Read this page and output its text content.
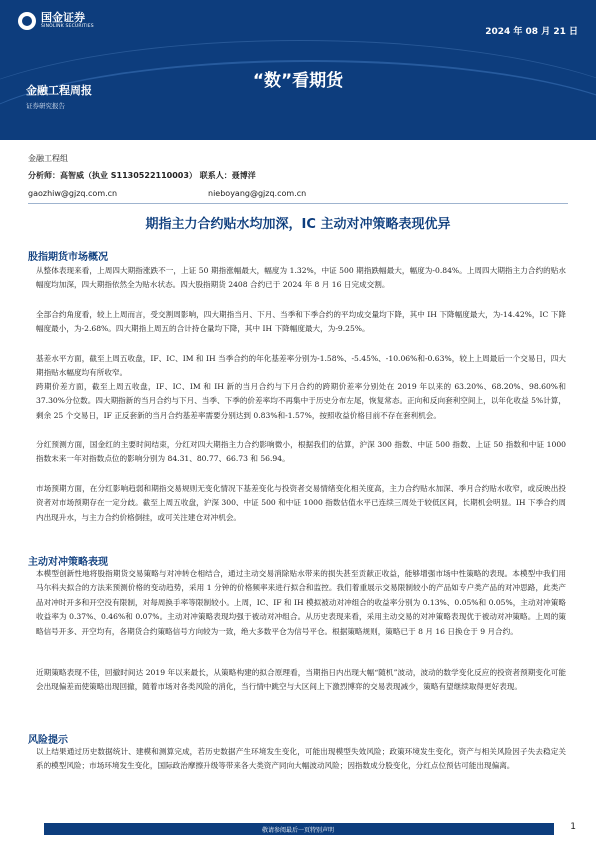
国金证券
SINOLINK SECURITIES
2024 年 08 月 21 日
“数”看期货
金融工程周报
证券研究报告
金融工程组
分析师：高智威（执业 S1130522110003） 联系人：聂博洋
gaozhiw@gjzq.com.cn	nieboyang@gjzq.com.cn
期指主力合约贴水均加深，IC 主动对冲策略表现优异
股指期货市场概况
从整体表现来看，上周四大期指涨跌不一，上证 50 期指涨幅最大，幅度为 1.32%，中证 500 期指跌幅最大，幅度为-0.84%。上周四大期指主力合约的贴水幅度均加深，四大期指依然全为贴水状态。四大股指期货 2408 合约已于 2024 年 8 月 16 日完成交割。
全部合约角度看，较上上周而言，受交割周影响，四大期指当月、下月、当季和下季合约的平均成交量均下降，其中 IH 下降幅度最大，为-14.42%，IC 下降幅度最小，为-2.68%。四大期指上周五的合计持仓量均下降，其中 IH 下降幅度最大，为-9.25%。
基差水平方面，截至上周五收盘，IF、IC、IM 和 IH 当季合约的年化基差率分别为-1.58%、-5.45%、-10.06%和-0.63%，较上上周最后一个交易日，四大期指贴水幅度均有所收窄。
跨期价差方面，截至上周五收盘，IF、IC、IM 和 IH 新的当月合约与下月合约的跨期价差率分别处在 2019 年以来的 63.20%、68.20%、98.60%和 37.30%分位数。四大期指新的当月合约与下月、当季、下季的价差率均不再集中于历史分布左尾，恢复常态。正向和反向套利空间上，以年化收益 5%计算，剩余 25 个交易日，IF 正反套新的当月合约基差率需要分别达到 0.83%和-1.57%，按照收益价格目前不存在套利机会。
分红预测方面，国金红的主要时间结束，分红对四大期指主力合约影响微小，根据我们的估算，沪深 300 指数、中证 500 指数、上证 50 指数和中证 1000 指数未来一年对指数点位的影响分别为 84.31、80.77、66.73 和 56.94。
市场预期方面，在分红影响趋弱和期指交易规则无变化情况下基差变化与投资者交易情绪变化相关度高，主力合约贴水加深、季月合约贴水收窄，或反映出投资者对市场预期存在一定分歧。截至上周五收盘，沪深 300、中证 500 和中证 1000 指数估值水平已连续三周处于较低区间，长期机会明显。IH 下季合约周内出现升水，与主力合约价格倒挂，或可关注建仓对冲机会。
主动对冲策略表现
本模型创新性地将股指期货交易策略与对冲转仓相结合，通过主动交易消除贴水带来的损失甚至贡献正收益，能够增强市场中性策略的表现。本模型中我们用马尔科夫拟合的方法来预测价格的变动趋势，采用 1 分钟的价格频率来进行拟合和监控。我们着重展示交易限制较小的产品如专户类产品的对冲思路，此类产品对冲时开多和开空没有限制，对每周换手率等限制较小。上周，IC、IF 和 IH 模拟被动对冲组合的收益率分别为 0.13%、0.05%和 0.05%，主动对冲策略收益率为 0.37%、0.46%和 0.07%。主动对冲策略表现均强于被动对冲组合。从历史表现来看，采用主动交易的对冲策略表现优于被动对冲策略。上周的策略信号开多、开空均有，各期货合约策略信号方向较为一致，绝大多数平仓为信号平仓。根据策略规则，策略已于 8 月 16 日换仓于 9 月合约。
近期策略表现不佳，回撤时间达 2019 年以来最长，从策略构建的拟合原理看，当期指日内出现大幅“随机”波动，波动的数学变化反应的投资者预期变化可能会出现偏差而使策略出现回撤，随着市场对各类风险的消化，当行情中跳空与大区间上下激烈博弈的交易表现减少，策略有望继续取得更好表现。
风险提示
以上结果通过历史数据统计、建模和测算完成，若历史数据产生环境发生变化，可能出现模型失效风险；政策环境发生变化，资产与相关风险因子失去稳定关系的模型风险；市场环境发生变化，国际政治摩擦升级等带来各大类资产同向大幅波动风险；因指数成分股变化，分红点位预估可能出现偏离。
敬请参阅最后一页特别声明	1
